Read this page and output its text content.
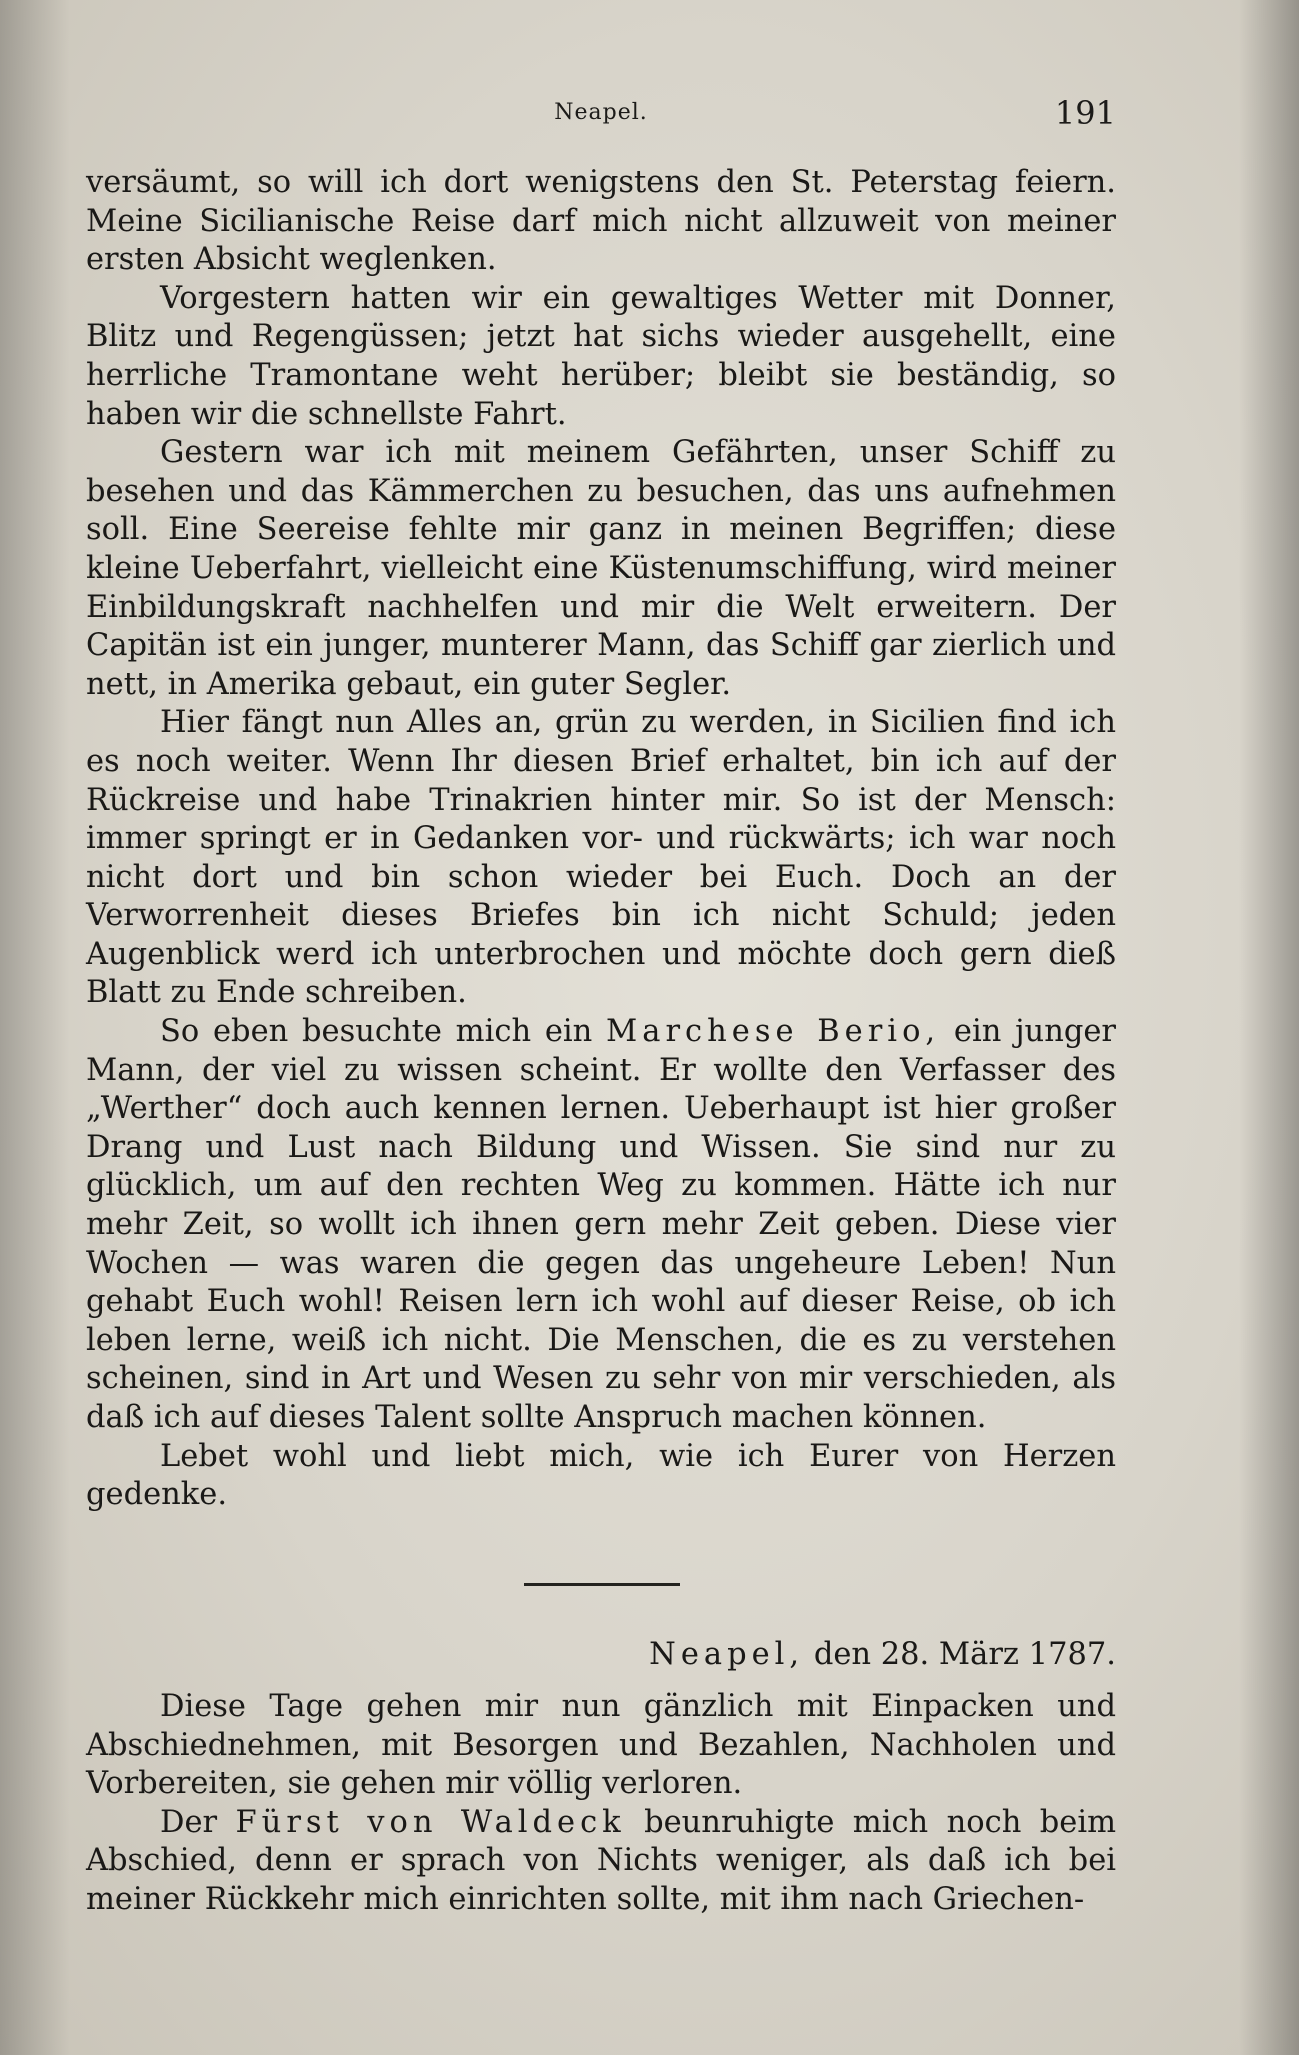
Neapel.	191

versäumt, so will ich dort wenigstens den St. Peterstag feiern. Meine Sicilianische Reise darf mich nicht allzuweit von meiner ersten Absicht weglenken.

Vorgestern hatten wir ein gewaltiges Wetter mit Donner, Blitz und Regengüssen; jetzt hat sichs wieder ausgehellt, eine herrliche Tramontane weht herüber; bleibt sie beständig, so haben wir die schnellste Fahrt.

Gestern war ich mit meinem Gefährten, unser Schiff zu besehen und das Kämmerchen zu besuchen, das uns aufnehmen soll. Eine Seereise fehlte mir ganz in meinen Begriffen; diese kleine Ueberfahrt, vielleicht eine Küstenumschiffung, wird meiner Einbildungskraft nachhelfen und mir die Welt erweitern. Der Capitän ist ein junger, munterer Mann, das Schiff gar zierlich und nett, in Amerika gebaut, ein guter Segler.

Hier fängt nun Alles an, grün zu werden, in Sicilien find ich es noch weiter. Wenn Ihr diesen Brief erhaltet, bin ich auf der Rückreise und habe Trinakrien hinter mir. So ist der Mensch: immer springt er in Gedanken vor- und rückwärts; ich war noch nicht dort und bin schon wieder bei Euch. Doch an der Verworrenheit dieses Briefes bin ich nicht Schuld; jeden Augenblick werd ich unterbrochen und möchte doch gern dieß Blatt zu Ende schreiben.

So eben besuchte mich ein Marchese Berio, ein junger Mann, der viel zu wissen scheint. Er wollte den Verfasser des „Werther“ doch auch kennen lernen. Ueberhaupt ist hier großer Drang und Lust nach Bildung und Wissen. Sie sind nur zu glücklich, um auf den rechten Weg zu kommen. Hätte ich nur mehr Zeit, so wollt ich ihnen gern mehr Zeit geben. Diese vier Wochen — was waren die gegen das ungeheure Leben! Nun gehabt Euch wohl! Reisen lern ich wohl auf dieser Reise, ob ich leben lerne, weiß ich nicht. Die Menschen, die es zu verstehen scheinen, sind in Art und Wesen zu sehr von mir verschieden, als daß ich auf dieses Talent sollte Anspruch machen können.

Lebet wohl und liebt mich, wie ich Eurer von Herzen gedenke.

Neapel, den 28. März 1787.

Diese Tage gehen mir nun gänzlich mit Einpacken und Abschiednehmen, mit Besorgen und Bezahlen, Nachholen und Vorbereiten, sie gehen mir völlig verloren.

Der Fürst von Waldeck beunruhigte mich noch beim Abschied, denn er sprach von Nichts weniger, als daß ich bei meiner Rückkehr mich einrichten sollte, mit ihm nach Griechen-
